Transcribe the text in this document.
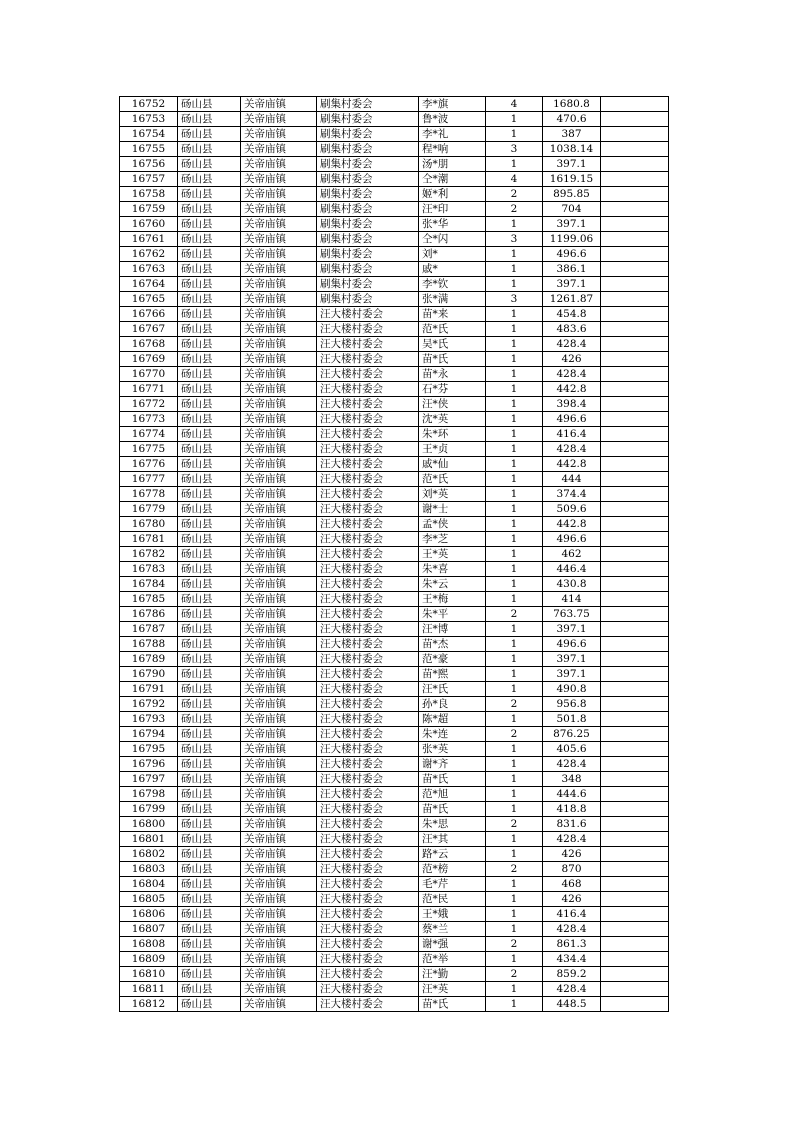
16752	砀山县	关帝庙镇	刷集村委会	李*旗	4	1680.8	
16753	砀山县	关帝庙镇	刷集村委会	鲁*波	1	470.6	
16754	砀山县	关帝庙镇	刷集村委会	李*礼	1	387	
16755	砀山县	关帝庙镇	刷集村委会	程*响	3	1038.14	
16756	砀山县	关帝庙镇	刷集村委会	汤*朋	1	397.1	
16757	砀山县	关帝庙镇	刷集村委会	仝*潮	4	1619.15	
16758	砀山县	关帝庙镇	刷集村委会	姬*利	2	895.85	
16759	砀山县	关帝庙镇	刷集村委会	汪*印	2	704	
16760	砀山县	关帝庙镇	刷集村委会	张*华	1	397.1	
16761	砀山县	关帝庙镇	刷集村委会	仝*闪	3	1199.06	
16762	砀山县	关帝庙镇	刷集村委会	刘*	1	496.6	
16763	砀山县	关帝庙镇	刷集村委会	戚*	1	386.1	
16764	砀山县	关帝庙镇	刷集村委会	李*钦	1	397.1	
16765	砀山县	关帝庙镇	刷集村委会	张*满	3	1261.87	
16766	砀山县	关帝庙镇	汪大楼村委会	苗*来	1	454.8	
16767	砀山县	关帝庙镇	汪大楼村委会	范*氏	1	483.6	
16768	砀山县	关帝庙镇	汪大楼村委会	吴*氏	1	428.4	
16769	砀山县	关帝庙镇	汪大楼村委会	苗*氏	1	426	
16770	砀山县	关帝庙镇	汪大楼村委会	苗*永	1	428.4	
16771	砀山县	关帝庙镇	汪大楼村委会	石*芬	1	442.8	
16772	砀山县	关帝庙镇	汪大楼村委会	汪*侠	1	398.4	
16773	砀山县	关帝庙镇	汪大楼村委会	沈*英	1	496.6	
16774	砀山县	关帝庙镇	汪大楼村委会	朱*环	1	416.4	
16775	砀山县	关帝庙镇	汪大楼村委会	王*贞	1	428.4	
16776	砀山县	关帝庙镇	汪大楼村委会	戚*仙	1	442.8	
16777	砀山县	关帝庙镇	汪大楼村委会	范*氏	1	444	
16778	砀山县	关帝庙镇	汪大楼村委会	刘*英	1	374.4	
16779	砀山县	关帝庙镇	汪大楼村委会	谢*士	1	509.6	
16780	砀山县	关帝庙镇	汪大楼村委会	孟*侠	1	442.8	
16781	砀山县	关帝庙镇	汪大楼村委会	李*芝	1	496.6	
16782	砀山县	关帝庙镇	汪大楼村委会	王*英	1	462	
16783	砀山县	关帝庙镇	汪大楼村委会	朱*喜	1	446.4	
16784	砀山县	关帝庙镇	汪大楼村委会	朱*云	1	430.8	
16785	砀山县	关帝庙镇	汪大楼村委会	王*梅	1	414	
16786	砀山县	关帝庙镇	汪大楼村委会	朱*平	2	763.75	
16787	砀山县	关帝庙镇	汪大楼村委会	汪*博	1	397.1	
16788	砀山县	关帝庙镇	汪大楼村委会	苗*杰	1	496.6	
16789	砀山县	关帝庙镇	汪大楼村委会	范*豪	1	397.1	
16790	砀山县	关帝庙镇	汪大楼村委会	苗*熙	1	397.1	
16791	砀山县	关帝庙镇	汪大楼村委会	汪*氏	1	490.8	
16792	砀山县	关帝庙镇	汪大楼村委会	孙*良	2	956.8	
16793	砀山县	关帝庙镇	汪大楼村委会	陈*超	1	501.8	
16794	砀山县	关帝庙镇	汪大楼村委会	朱*连	2	876.25	
16795	砀山县	关帝庙镇	汪大楼村委会	张*英	1	405.6	
16796	砀山县	关帝庙镇	汪大楼村委会	谢*齐	1	428.4	
16797	砀山县	关帝庙镇	汪大楼村委会	苗*氏	1	348	
16798	砀山县	关帝庙镇	汪大楼村委会	范*旭	1	444.6	
16799	砀山县	关帝庙镇	汪大楼村委会	苗*氏	1	418.8	
16800	砀山县	关帝庙镇	汪大楼村委会	朱*思	2	831.6	
16801	砀山县	关帝庙镇	汪大楼村委会	汪*其	1	428.4	
16802	砀山县	关帝庙镇	汪大楼村委会	路*云	1	426	
16803	砀山县	关帝庙镇	汪大楼村委会	范*榜	2	870	
16804	砀山县	关帝庙镇	汪大楼村委会	毛*芹	1	468	
16805	砀山县	关帝庙镇	汪大楼村委会	范*民	1	426	
16806	砀山县	关帝庙镇	汪大楼村委会	王*娥	1	416.4	
16807	砀山县	关帝庙镇	汪大楼村委会	蔡*兰	1	428.4	
16808	砀山县	关帝庙镇	汪大楼村委会	谢*强	2	861.3	
16809	砀山县	关帝庙镇	汪大楼村委会	范*举	1	434.4	
16810	砀山县	关帝庙镇	汪大楼村委会	汪*勤	2	859.2	
16811	砀山县	关帝庙镇	汪大楼村委会	汪*英	1	428.4	
16812	砀山县	关帝庙镇	汪大楼村委会	苗*氏	1	448.5	
